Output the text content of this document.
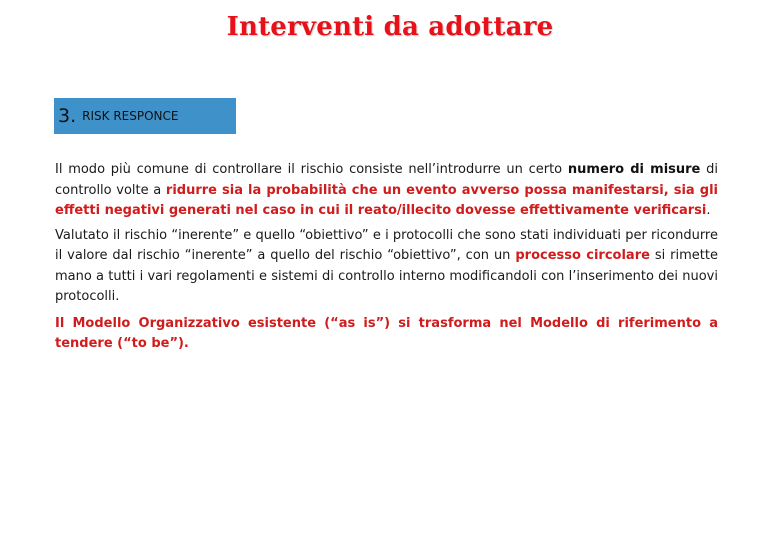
Interventi da adottare
3. RISK RESPONCE

Il modo più comune di controllare il rischio consiste nell’introdurre un certo numero di misure di controllo volte a ridurre sia la probabilità che un evento avverso possa manifestarsi, sia gli effetti negativi generati nel caso in cui il reato/illecito dovesse effettivamente verificarsi.

Valutato il rischio “inerente” e quello “obiettivo” e i protocolli che sono stati individuati per ricondurre il valore dal rischio “inerente” a quello del rischio “obiettivo”, con un processo circolare si rimette mano a tutti i vari regolamenti e sistemi di controllo interno modificandoli con l’inserimento dei nuovi protocolli.

Il Modello Organizzativo esistente (“as is”) si trasforma nel Modello di riferimento a tendere (“to be”).
